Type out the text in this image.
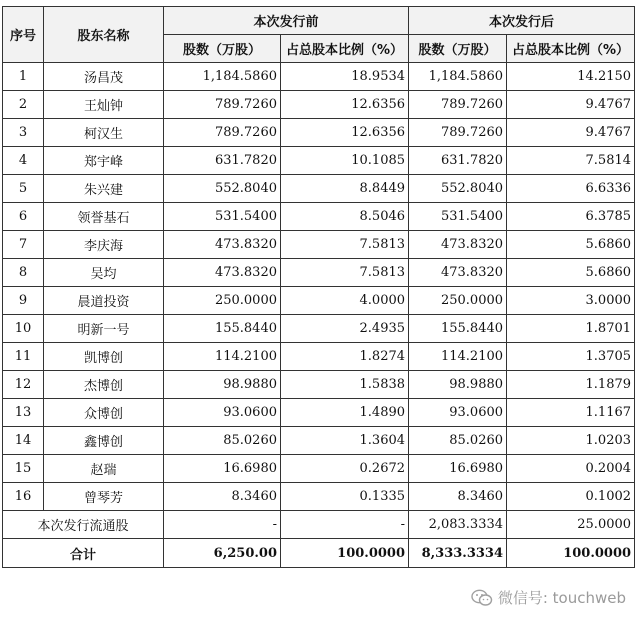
序号	股东名称	本次发行前		本次发行后	
		股数（万股）	占总股本比例（%）	股数（万股）	占总股本比例（%）
1	汤昌茂	1,184.5860	18.9534	1,184.5860	14.2150
2	王灿钟	789.7260	12.6356	789.7260	9.4767
3	柯汉生	789.7260	12.6356	789.7260	9.4767
4	郑宇峰	631.7820	10.1085	631.7820	7.5814
5	朱兴建	552.8040	8.8449	552.8040	6.6336
6	领誉基石	531.5400	8.5046	531.5400	6.3785
7	李庆海	473.8320	7.5813	473.8320	5.6860
8	吴均	473.8320	7.5813	473.8320	5.6860
9	晨道投资	250.0000	4.0000	250.0000	3.0000
10	明新一号	155.8440	2.4935	155.8440	1.8701
11	凯博创	114.2100	1.8274	114.2100	1.3705
12	杰博创	98.9880	1.5838	98.9880	1.1879
13	众博创	93.0600	1.4890	93.0600	1.1167
14	鑫博创	85.0260	1.3604	85.0260	1.0203
15	赵瑞	16.6980	0.2672	16.6980	0.2004
16	曾琴芳	8.3460	0.1335	8.3460	0.1002
本次发行流通股		-	-	2,083.3334	25.0000
合计		6,250.00	100.0000	8,333.3334	100.0000
微信号: touchweb
